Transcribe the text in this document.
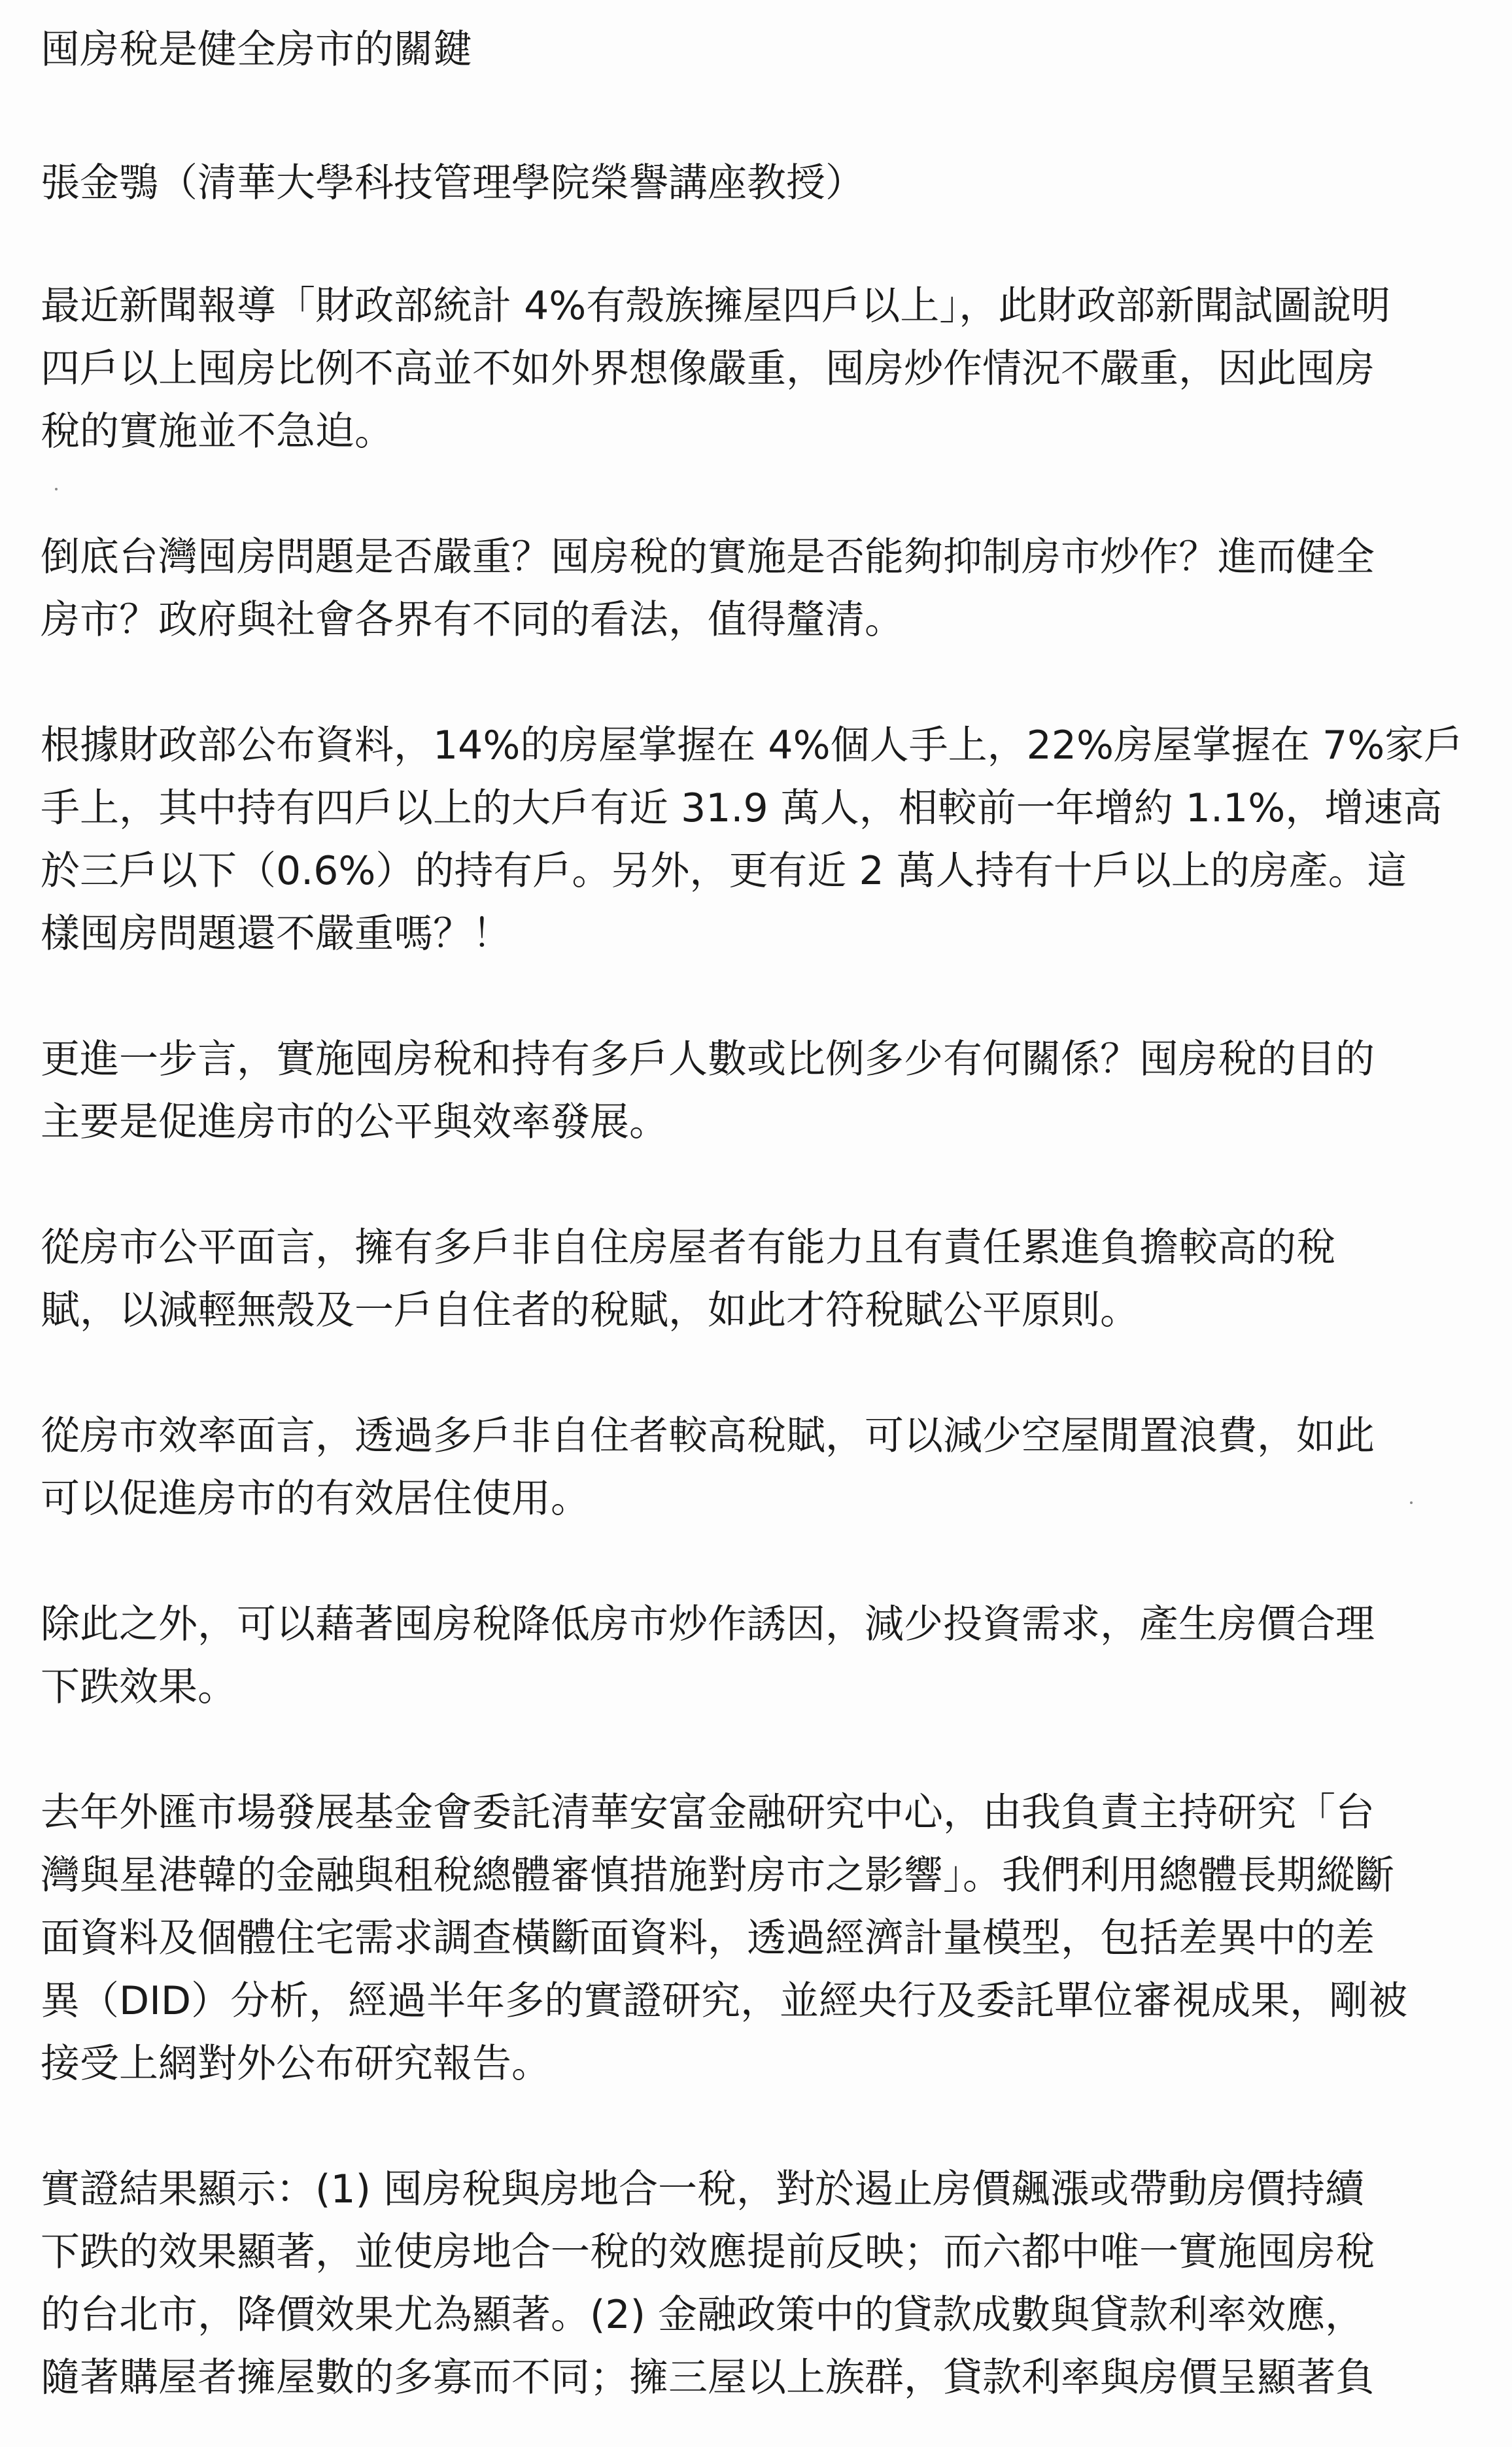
囤房稅是健全房市的關鍵
張金鶚（清華大學科技管理學院榮譽講座教授）
最近新聞報導「財政部統計 4%有殼族擁屋四戶以上」，此財政部新聞試圖說明
四戶以上囤房比例不高並不如外界想像嚴重，囤房炒作情況不嚴重，因此囤房
稅的實施並不急迫。
倒底台灣囤房問題是否嚴重？囤房稅的實施是否能夠抑制房市炒作？進而健全
房市？政府與社會各界有不同的看法，值得釐清。
根據財政部公布資料，14%的房屋掌握在 4%個人手上，22%房屋掌握在 7%家戶
手上，其中持有四戶以上的大戶有近 31.9 萬人，相較前一年增約 1.1%，增速高
於三戶以下（0.6%）的持有戶。另外，更有近 2 萬人持有十戶以上的房產。這
樣囤房問題還不嚴重嗎？！
更進一步言，實施囤房稅和持有多戶人數或比例多少有何關係？囤房稅的目的
主要是促進房市的公平與效率發展。
從房市公平面言，擁有多戶非自住房屋者有能力且有責任累進負擔較高的稅
賦，以減輕無殼及一戶自住者的稅賦，如此才符稅賦公平原則。
從房市效率面言，透過多戶非自住者較高稅賦，可以減少空屋閒置浪費，如此
可以促進房市的有效居住使用。
除此之外，可以藉著囤房稅降低房市炒作誘因，減少投資需求，產生房價合理
下跌效果。
去年外匯市場發展基金會委託清華安富金融研究中心，由我負責主持研究「台
灣與星港韓的金融與租稅總體審慎措施對房市之影響」。我們利用總體長期縱斷
面資料及個體住宅需求調查橫斷面資料，透過經濟計量模型，包括差異中的差
異（DID）分析，經過半年多的實證研究，並經央行及委託單位審視成果，剛被
接受上網對外公布研究報告。
實證結果顯示：(1) 囤房稅與房地合一稅，對於遏止房價飆漲或帶動房價持續
下跌的效果顯著，並使房地合一稅的效應提前反映；而六都中唯一實施囤房稅
的台北市，降價效果尤為顯著。(2) 金融政策中的貸款成數與貸款利率效應，
隨著購屋者擁屋數的多寡而不同；擁三屋以上族群，貸款利率與房價呈顯著負
